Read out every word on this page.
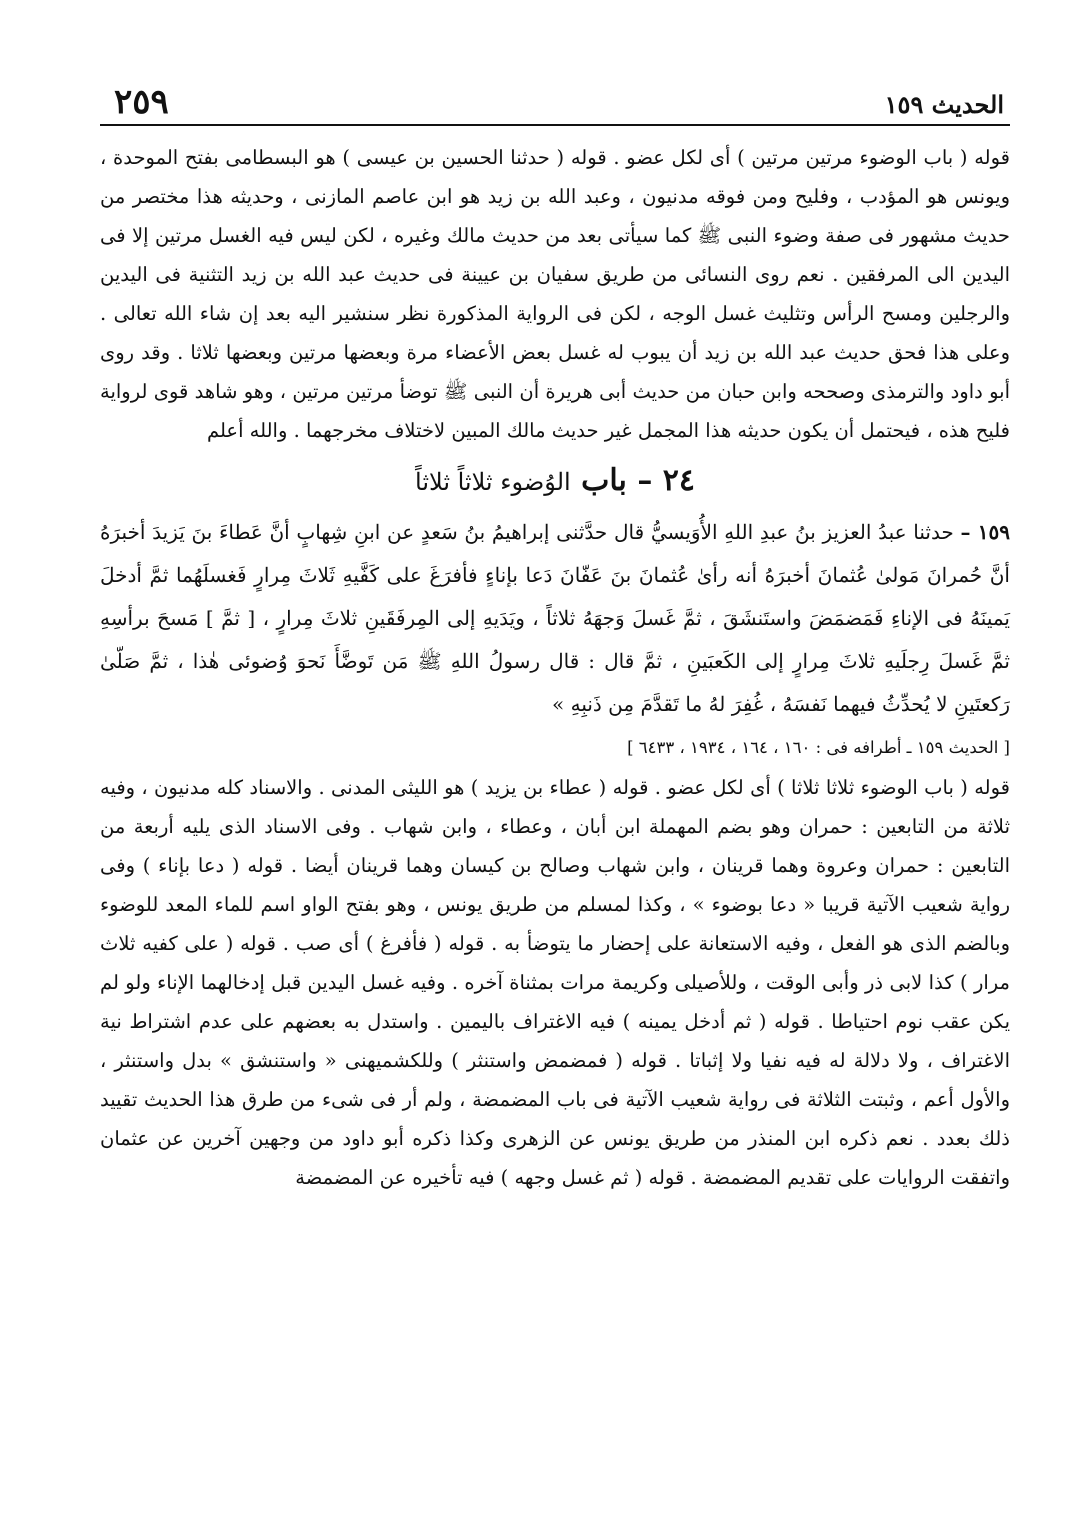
٢٥٩	الحديث ١٥٩

قوله ( باب الوضوء مرتين مرتين ) أى لكل عضو . قوله ( حدثنا الحسين بن عيسى ) هو البسطامى بفتح الموحدة ، ويونس هو المؤدب ، وفليح ومن فوقه مدنيون ، وعبد الله بن زيد هو ابن عاصم المازنى ، وحديثه هذا مختصر من حديث مشهور فى صفة وضوء النبى ﷺ كما سيأتى بعد من حديث مالك وغيره ، لكن ليس فيه الغسل مرتين إلا فى اليدين الى المرفقين . نعم روى النسائى من طريق سفيان بن عيينة فى حديث عبد الله بن زيد التثنية فى اليدين والرجلين ومسح الرأس وتثليث غسل الوجه ، لكن فى الرواية المذكورة نظر سنشير اليه بعد إن شاء الله تعالى . وعلى هذا فحق حديث عبد الله بن زيد أن يبوب له غسل بعض الأعضاء مرة وبعضها مرتين وبعضها ثلاثا . وقد روى أبو داود والترمذى وصححه وابن حبان من حديث أبى هريرة أن النبى ﷺ توضأ مرتين مرتين ، وهو شاهد قوى لرواية فليح هذه ، فيحتمل أن يكون حديثه هذا المجمل غير حديث مالك المبين لاختلاف مخرجهما . والله أعلم

٢٤ – باب الوُضوء ثلاثاً ثلاثاً

١٥٩ – حدثنا عبدُ العزيز بنُ عبدِ اللهِ الأُوَيسيُّ قال حدَّثنى إبراهيمُ بنُ سَعدٍ عن ابنِ شِهابٍ أنَّ عَطاءَ بنَ يَزيدَ أخبرَهُ أنَّ حُمرانَ مَولىٰ عُثمانَ أخبرَهُ أنه رأىٰ عُثمانَ بنَ عَفّانَ دَعا بإناءٍ فأفرَغَ على كَفَّيهِ ثَلاثَ مِرارٍ فَغسلَهُما ثمَّ أدخلَ يَمينَهُ فى الإناءِ فَمَضمَضَ واستَنشَقَ ، ثمَّ غَسلَ وَجهَهُ ثلاثاً ، ويَدَيهِ إلى المِرفَقَينِ ثلاثَ مِرارٍ ، [ ثمَّ ] مَسحَ برأسِهِ ثمَّ غَسلَ رِجلَيهِ ثلاثَ مِرارٍ إلى الكَعبَينِ ، ثمَّ قال : قال رسولُ اللهِ ﷺ مَن تَوضَّأَ نَحوَ وُضوئى هٰذا ، ثمَّ صَلّىٰ رَكعتَينِ لا يُحدِّثُ فيهما نَفسَهُ ، غُفِرَ لهُ ما تَقدَّمَ مِن ذَنبِهِ »

[ الحديث ١٥٩ ـ أطرافه فى : ١٦٠ ، ١٦٤ ، ١٩٣٤ ، ٦٤٣٣ ]

قوله ( باب الوضوء ثلاثا ثلاثا ) أى لكل عضو . قوله ( عطاء بن يزيد ) هو الليثى المدنى . والاسناد كله مدنيون ، وفيه ثلاثة من التابعين : حمران وهو بضم المهملة ابن أبان ، وعطاء ، وابن شهاب . وفى الاسناد الذى يليه أربعة من التابعين : حمران وعروة وهما قرينان ، وابن شهاب وصالح بن كيسان وهما قرينان أيضا . قوله ( دعا بإناء ) وفى رواية شعيب الآتية قريبا « دعا بوضوء » ، وكذا لمسلم من طريق يونس ، وهو بفتح الواو اسم للماء المعد للوضوء وبالضم الذى هو الفعل ، وفيه الاستعانة على إحضار ما يتوضأ به . قوله ( فأفرغ ) أى صب . قوله ( على كفيه ثلاث مرار ) كذا لابى ذر وأبى الوقت ، وللأصيلى وكريمة مرات بمثناة آخره . وفيه غسل اليدين قبل إدخالهما الإناء ولو لم يكن عقب نوم احتياطا . قوله ( ثم أدخل يمينه ) فيه الاغتراف باليمين . واستدل به بعضهم على عدم اشتراط نية الاغتراف ، ولا دلالة له فيه نفيا ولا إثباتا . قوله ( فمضمض واستنثر ) وللكشميهنى « واستنشق » بدل واستنثر ، والأول أعم ، وثبتت الثلاثة فى رواية شعيب الآتية فى باب المضمضة ، ولم أر فى شىء من طرق هذا الحديث تقييد ذلك بعدد . نعم ذكره ابن المنذر من طريق يونس عن الزهرى وكذا ذكره أبو داود من وجهين آخرين عن عثمان واتفقت الروايات على تقديم المضمضة . قوله ( ثم غسل وجهه ) فيه تأخيره عن المضمضة
